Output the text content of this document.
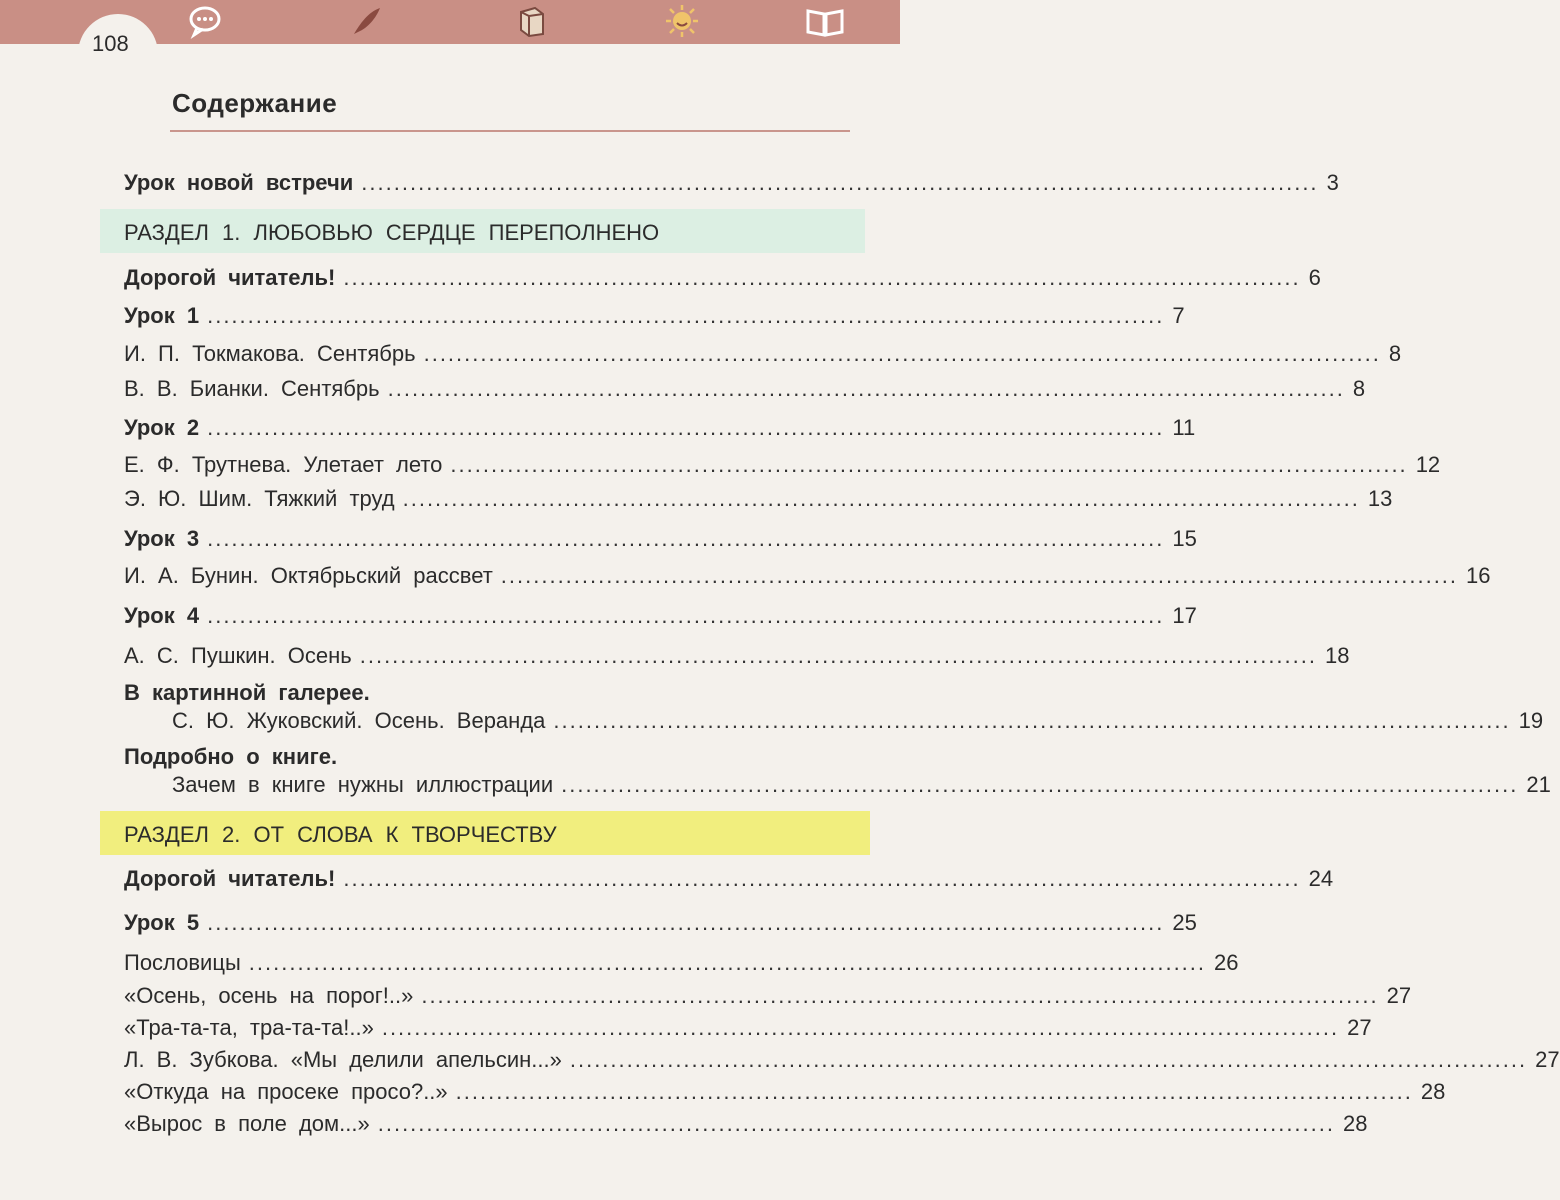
108
Содержание
Урок новой встречи ...................................................................................................................... 3
РАЗДЕЛ 1. ЛЮБОВЬЮ СЕРДЦЕ ПЕРЕПОЛНЕНО
Дорогой читатель! ...................................................................................................................... 6
Урок 1 ...................................................................................................................... 7
И. П. Токмакова. Сентябрь ...................................................................................................................... 8
В. В. Бианки. Сентябрь ...................................................................................................................... 8
Урок 2 ...................................................................................................................... 11
Е. Ф. Трутнева. Улетает лето ...................................................................................................................... 12
Э. Ю. Шим. Тяжкий труд ...................................................................................................................... 13
Урок 3 ...................................................................................................................... 15
И. А. Бунин. Октябрьский рассвет ...................................................................................................................... 16
Урок 4 ...................................................................................................................... 17
А. С. Пушкин. Осень ...................................................................................................................... 18
В картинной галерее.
С. Ю. Жуковский. Осень. Веранда ...................................................................................................................... 19
Подробно о книге.
Зачем в книге нужны иллюстрации ...................................................................................................................... 21
РАЗДЕЛ 2. ОТ СЛОВА К ТВОРЧЕСТВУ
Дорогой читатель! ...................................................................................................................... 24
Урок 5 ...................................................................................................................... 25
Пословицы ...................................................................................................................... 26
«Осень, осень на порог!..» ...................................................................................................................... 27
«Тра-та-та, тра-та-та!..» ...................................................................................................................... 27
Л. В. Зубкова. «Мы делили апельсин...» ...................................................................................................................... 27
«Откуда на просеке просо?..» ...................................................................................................................... 28
«Вырос в поле дом...» ...................................................................................................................... 28
